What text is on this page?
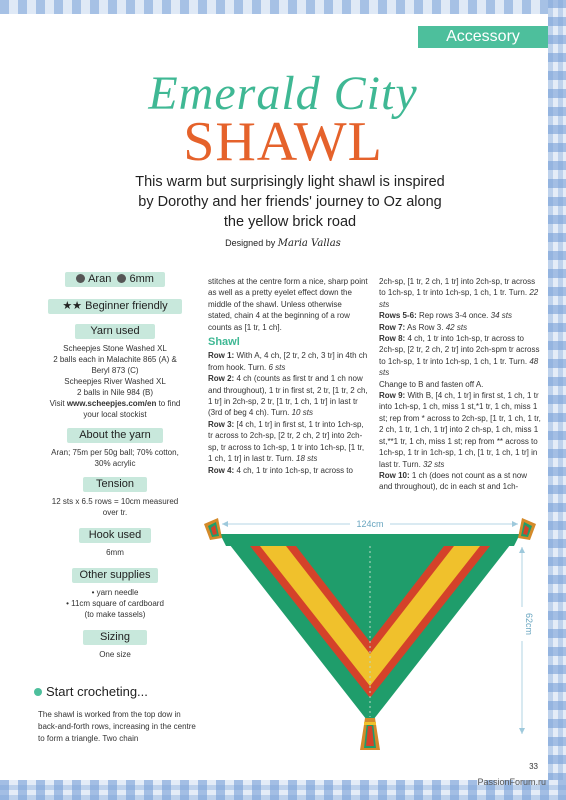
Accessory
Emerald City
SHAWL
This warm but surprisingly light shawl is inspired by Dorothy and her friends' journey to Oz along the yellow brick road
Designed by Maria Vallas
Aran 6mm
★★ Beginner friendly
Yarn used
Scheepjes Stone Washed XL
2 balls each in Malachite 865 (A) &
Beryl 873 (C)
Scheepjes River Washed XL
2 balls in Nile 984 (B)
Visit www.scheepjes.com/en to find
your local stockist
About the yarn
Aran; 75m per 50g ball; 70% cotton,
30% acrylic
Tension
12 sts x 6.5 rows = 10cm measured
over tr.
Hook used
6mm
Other supplies
• yarn needle
• 11cm square of cardboard
(to make tassels)
Sizing
One size
Start crocheting...
The shawl is worked from the top dow in back-and-forth rows, increasing in the centre to form a triangle. Two chain
stitches at the centre form a nice, sharp point as well as a pretty eyelet effect down the middle of the shawl. Unless otherwise stated, chain 4 at the beginning of a row counts as [1 tr, 1 ch].
Shawl
Row 1: With A, 4 ch, [2 tr, 2 ch, 3 tr] in 4th ch from hook. Turn. 6 sts
Row 2: 4 ch (counts as first tr and 1 ch now and throughout), 1 tr in first st, 2 tr, [1 tr, 2 ch, 1 tr] in 2ch-sp, 2 tr, [1 tr, 1 ch, 1 tr] in last tr (3rd of beg 4 ch). Turn. 10 sts
Row 3: [4 ch, 1 tr] in first st, 1 tr into 1ch-sp, tr across to 2ch-sp, [2 tr, 2 ch, 2 tr] into 2ch-sp, tr across to 1ch-sp, 1 tr into 1ch-sp, [1 tr, 1 ch, 1 tr] in last tr. Turn. 18 sts
Row 4: 4 ch, 1 tr into 1ch-sp, tr across to
2ch-sp, [1 tr, 2 ch, 1 tr] into 2ch-sp, tr across to 1ch-sp, 1 tr into 1ch-sp, 1 ch, 1 tr. Turn. 22 sts
Rows 5-6: Rep rows 3-4 once. 34 sts
Row 7: As Row 3. 42 sts
Row 8: 4 ch, 1 tr into 1ch-sp, tr across to 2ch-sp, [2 tr, 2 ch, 2 tr] into 2ch-spm tr across to 1ch-sp, 1 tr into 1ch-sp, 1 ch, 1 tr. Turn. 48 sts
Change to B and fasten off A.
Row 9: With B, [4 ch, 1 tr] in first st, 1 ch, 1 tr into 1ch-sp, 1 ch, miss 1 st,*1 tr, 1 ch, miss 1 st; rep from * across to 2ch-sp, [1 tr, 1 ch, 1 tr, 2 ch, 1 tr, 1 ch, 1 tr] into 2 ch-sp, 1 ch, miss 1 st,**1 tr, 1 ch, miss 1 st; rep from ** across to 1ch-sp, 1 tr in 1ch-sp, 1 ch, [1 tr, 1 ch, 1 tr] in last tr. Turn. 32 sts
Row 10: 1 ch (does not count as a st now and throughout), dc in each st and 1ch-
124cm
62cm
33
PassionForum.ru
